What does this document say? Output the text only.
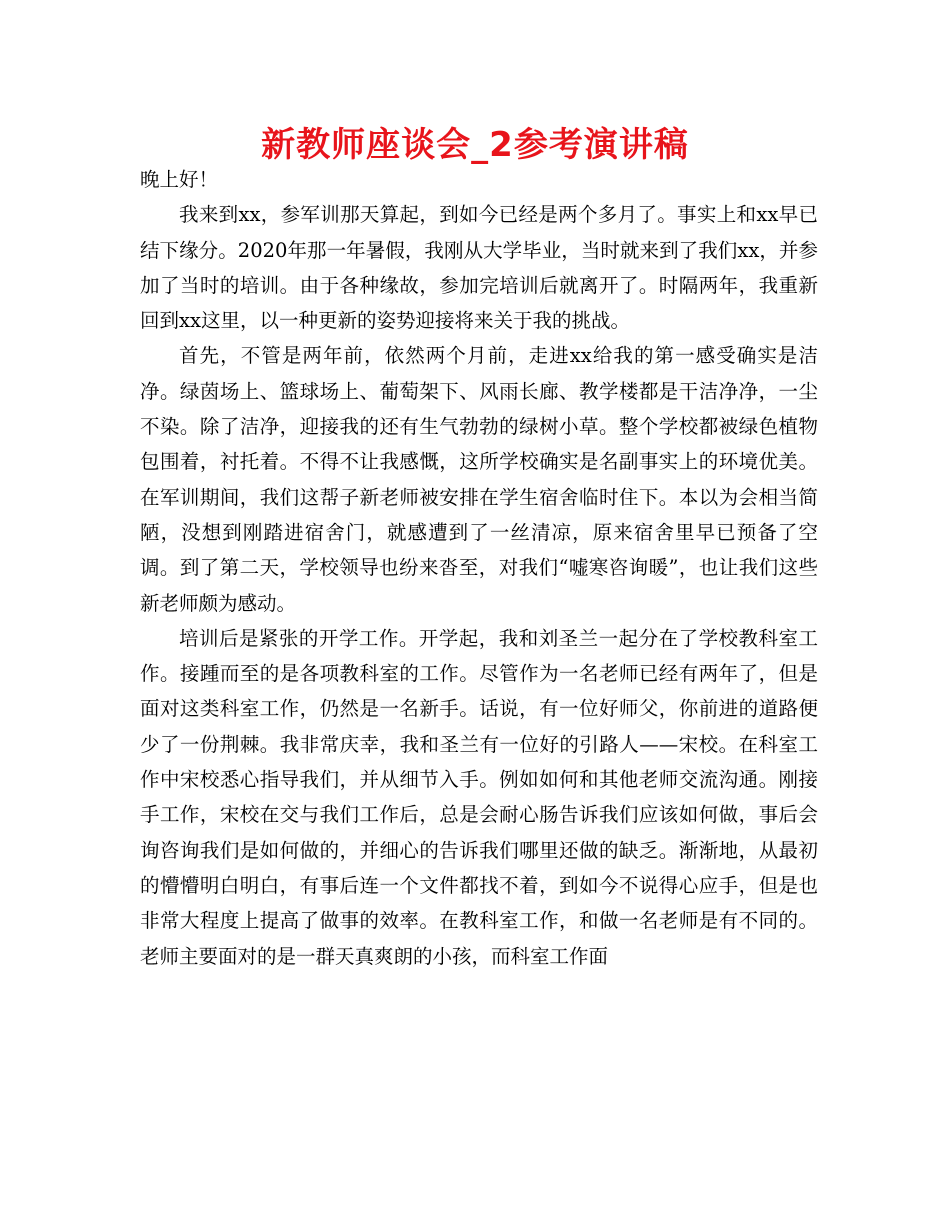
新教师座谈会_2参考演讲稿

晚上好！

我来到xx，参军训那天算起，到如今已经是两个多月了。事实上和xx早已结下缘分。2020年那一年暑假，我刚从大学毕业，当时就来到了我们xx，并参加了当时的培训。由于各种缘故，参加完培训后就离开了。时隔两年，我重新回到xx这里，以一种更新的姿势迎接将来关于我的挑战。

首先，不管是两年前，依然两个月前，走进xx给我的第一感受确实是洁净。绿茵场上、篮球场上、葡萄架下、风雨长廊、教学楼都是干洁净净，一尘不染。除了洁净，迎接我的还有生气勃勃的绿树小草。整个学校都被绿色植物包围着，衬托着。不得不让我感慨，这所学校确实是名副事实上的环境优美。在军训期间，我们这帮子新老师被安排在学生宿舍临时住下。本以为会相当简陋，没想到刚踏进宿舍门，就感遭到了一丝清凉，原来宿舍里早已预备了空调。到了第二天，学校领导也纷来沓至，对我们“嘘寒咨询暖”，也让我们这些新老师颇为感动。

培训后是紧张的开学工作。开学起，我和刘圣兰一起分在了学校教科室工作。接踵而至的是各项教科室的工作。尽管作为一名老师已经有两年了，但是面对这类科室工作，仍然是一名新手。话说，有一位好师父，你前进的道路便少了一份荆棘。我非常庆幸，我和圣兰有一位好的引路人——宋校。在科室工作中宋校悉心指导我们，并从细节入手。例如如何和其他老师交流沟通。刚接手工作，宋校在交与我们工作后，总是会耐心肠告诉我们应该如何做，事后会询咨询我们是如何做的，并细心的告诉我们哪里还做的缺乏。渐渐地，从最初的懵懵明白明白，有事后连一个文件都找不着，到如今不说得心应手，但是也非常大程度上提高了做事的效率。在教科室工作，和做一名老师是有不同的。老师主要面对的是一群天真爽朗的小孩，而科室工作面
